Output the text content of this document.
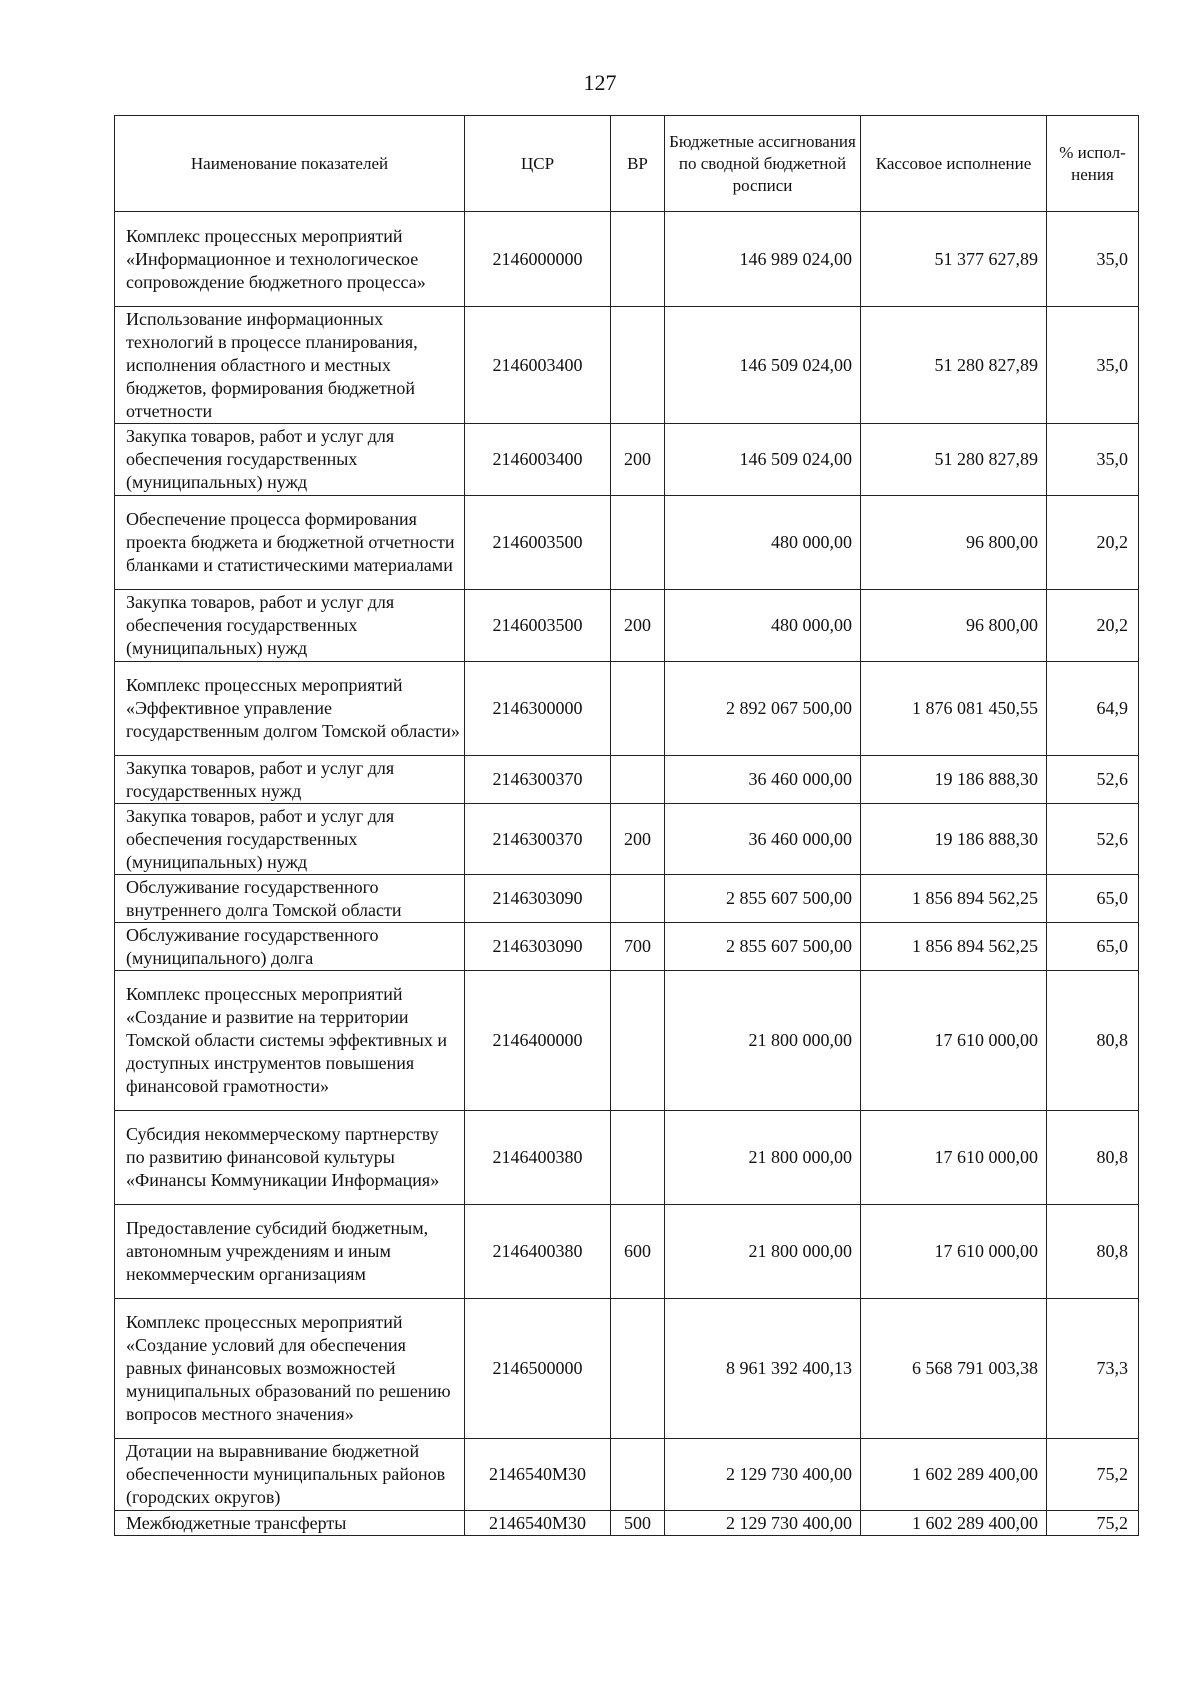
127
Наименование показателей	ЦСР	ВР	Бюджетные ассигнования по сводной бюджетной росписи	Кассовое исполнение	% испол-нения
Комплекс процессных мероприятий «Информационное и технологическое сопровождение бюджетного процесса»	2146000000		146 989 024,00	51 377 627,89	35,0
Использование информационных технологий в процессе планирования, исполнения областного и местных бюджетов, формирования бюджетной отчетности	2146003400		146 509 024,00	51 280 827,89	35,0
Закупка товаров, работ и услуг для обеспечения государственных (муниципальных) нужд	2146003400	200	146 509 024,00	51 280 827,89	35,0
Обеспечение процесса формирования проекта бюджета и бюджетной отчетности бланками и статистическими материалами	2146003500		480 000,00	96 800,00	20,2
Закупка товаров, работ и услуг для обеспечения государственных (муниципальных) нужд	2146003500	200	480 000,00	96 800,00	20,2
Комплекс процессных мероприятий «Эффективное управление государственным долгом Томской области»	2146300000		2 892 067 500,00	1 876 081 450,55	64,9
Закупка товаров, работ и услуг для государственных нужд	2146300370		36 460 000,00	19 186 888,30	52,6
Закупка товаров, работ и услуг для обеспечения государственных (муниципальных) нужд	2146300370	200	36 460 000,00	19 186 888,30	52,6
Обслуживание государственного внутреннего долга Томской области	2146303090		2 855 607 500,00	1 856 894 562,25	65,0
Обслуживание государственного (муниципального) долга	2146303090	700	2 855 607 500,00	1 856 894 562,25	65,0
Комплекс процессных мероприятий «Создание и развитие на территории Томской области системы эффективных и доступных инструментов повышения финансовой грамотности»	2146400000		21 800 000,00	17 610 000,00	80,8
Субсидия некоммерческому партнерству по развитию финансовой культуры «Финансы Коммуникации Информация»	2146400380		21 800 000,00	17 610 000,00	80,8
Предоставление субсидий бюджетным, автономным учреждениям и иным некоммерческим организациям	2146400380	600	21 800 000,00	17 610 000,00	80,8
Комплекс процессных мероприятий «Создание условий для обеспечения равных финансовых возможностей муниципальных образований по решению вопросов местного значения»	2146500000		8 961 392 400,13	6 568 791 003,38	73,3
Дотации на выравнивание бюджетной обеспеченности муниципальных районов (городских округов)	2146540М30		2 129 730 400,00	1 602 289 400,00	75,2
Межбюджетные трансферты	2146540М30	500	2 129 730 400,00	1 602 289 400,00	75,2
